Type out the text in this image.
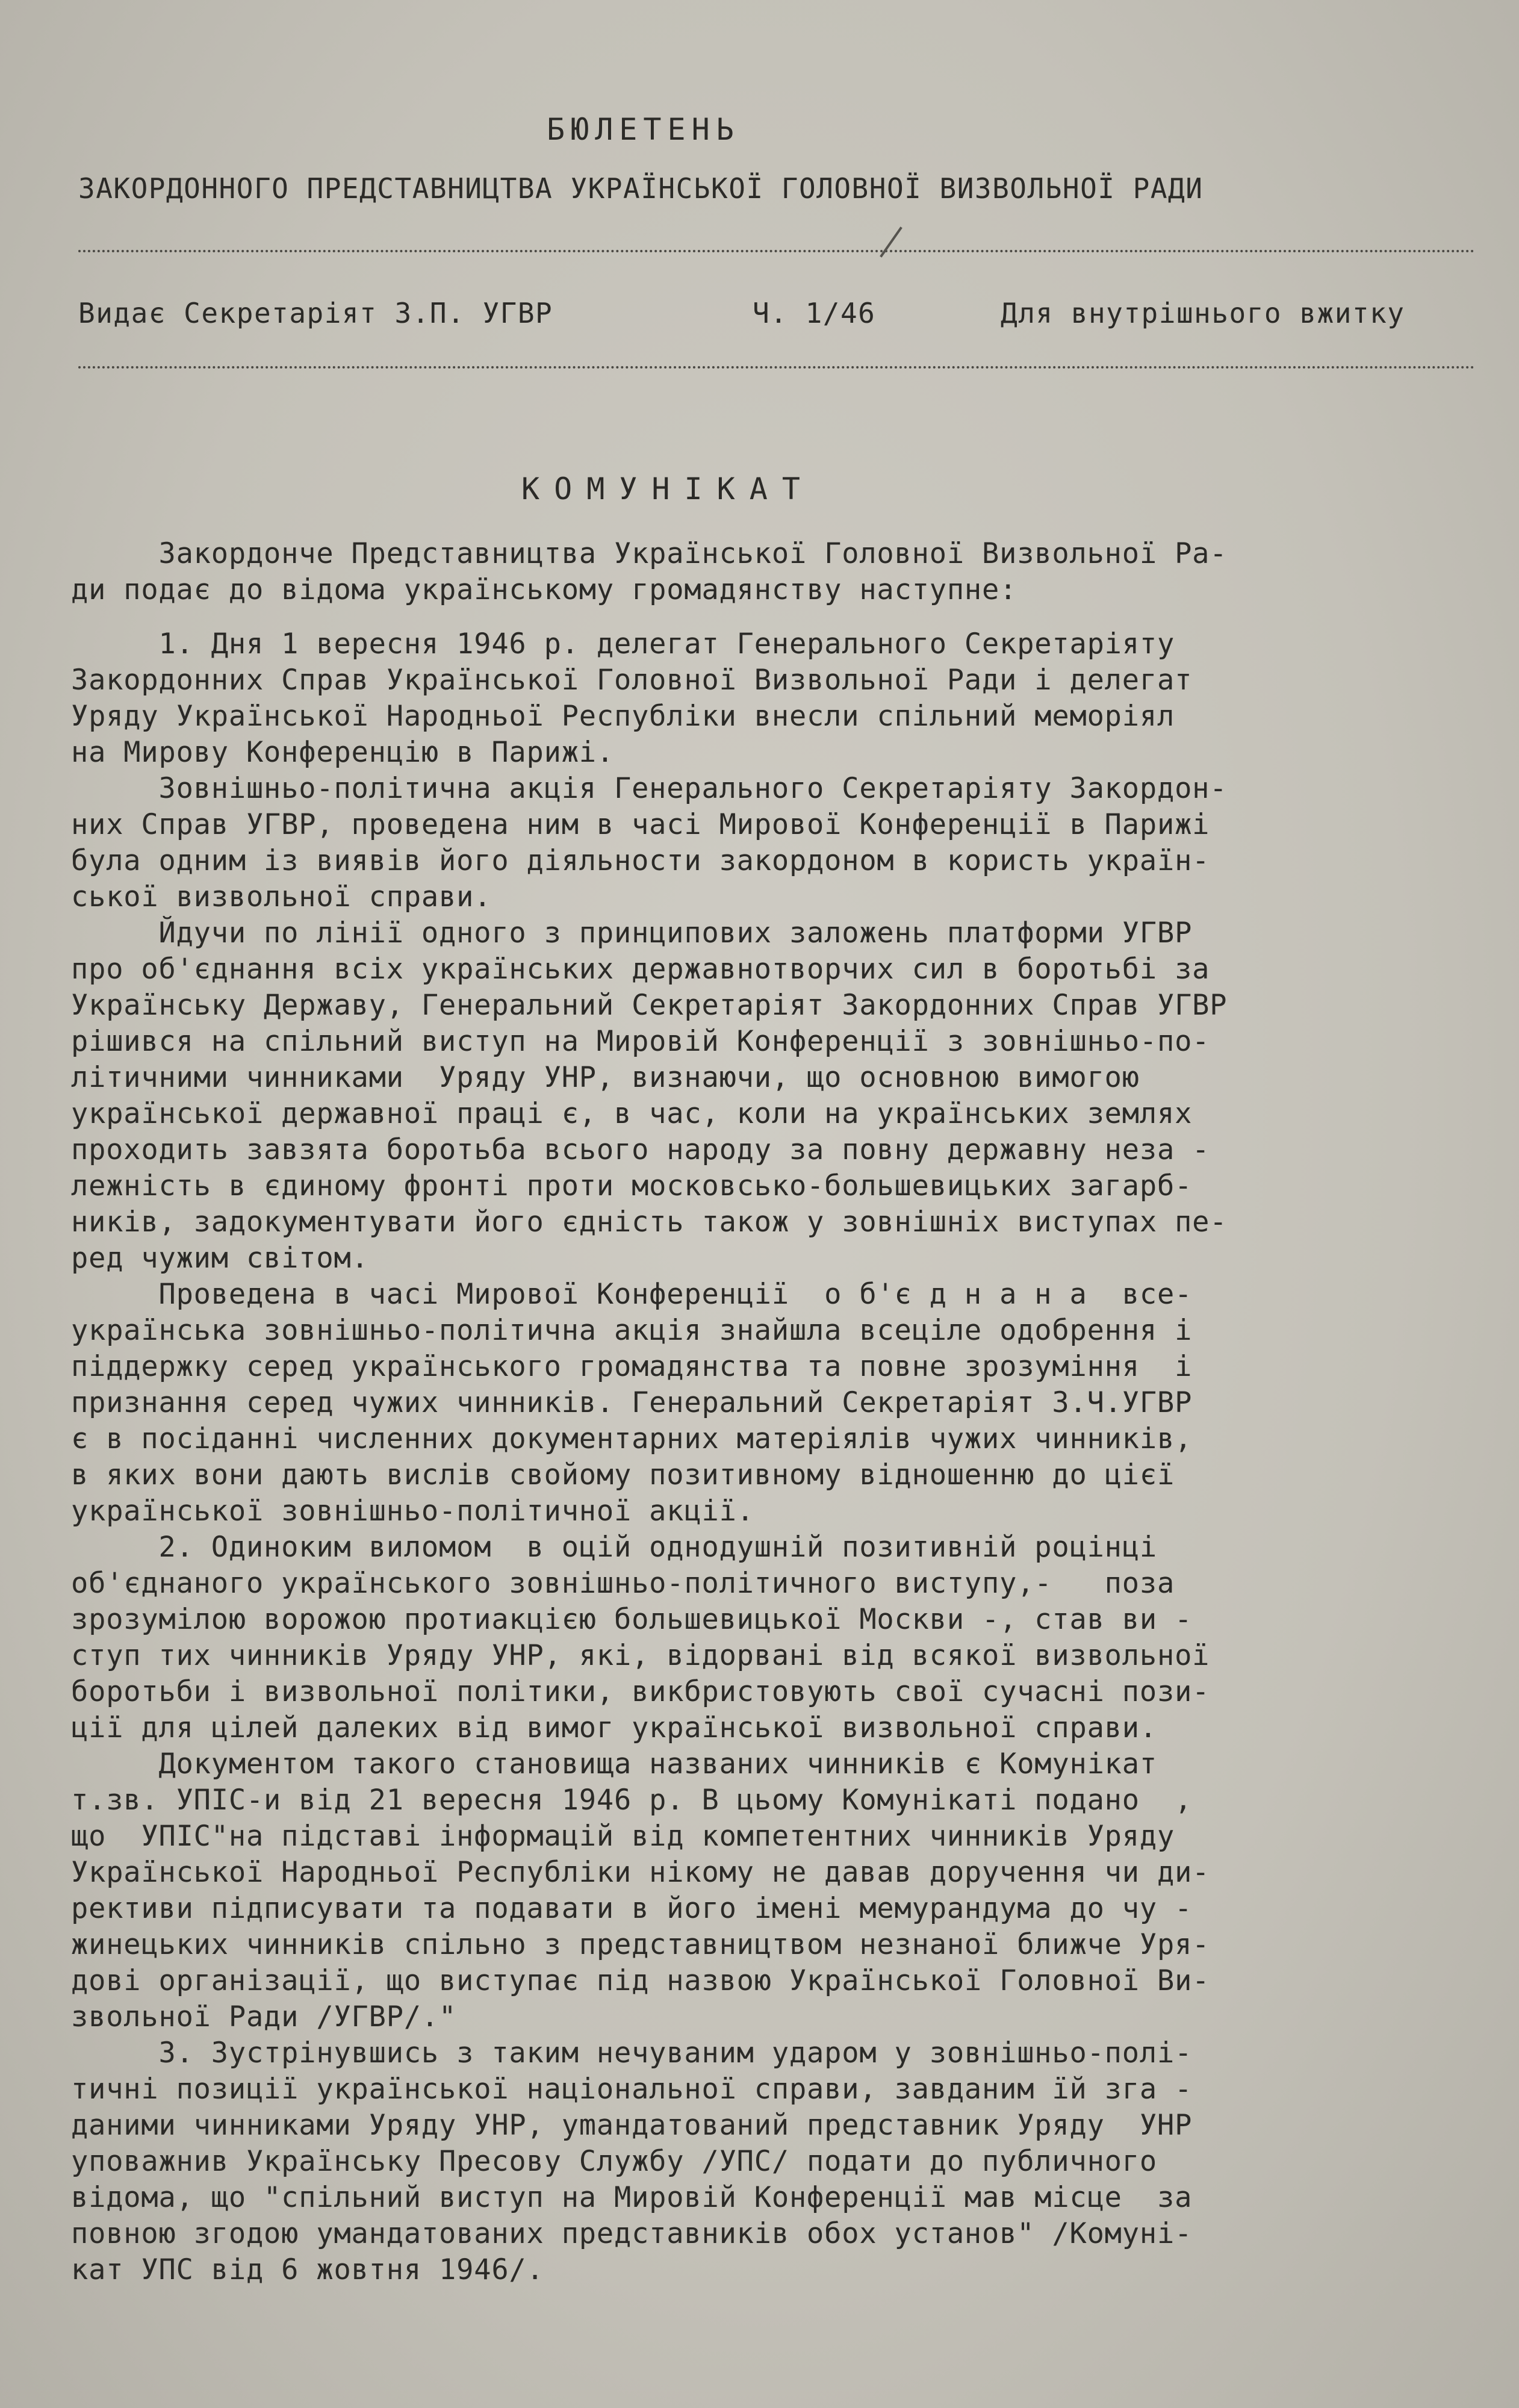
БЮЛЕТЕНЬ
ЗАКОРДОННОГО ПРЕДСТАВНИЦТВА УКРАЇНСЬКОЇ ГОЛОВНОЇ ВИЗВОЛЬНОЇ РАДИ
Видає Секретаріят З.П. УГВР	Ч. 1/46	Для внутрішнього вжитку
КОМУНІКАТ
Закордонче Представництва Української Головної Визвольної Ра-
ди подає до відома українському громадянству наступне:
1. Дня 1 вересня 1946 р. делегат Генерального Секретаріяту
Закордонних Справ Української Головної Визвольної Ради і делегат
Уряду Української Народньої Республіки внесли спільний меморіял
на Мирову Конференцію в Парижі.
Зовнішньо-політична акція Генерального Секретаріяту Закордон-
них Справ УГВР, проведена ним в часі Мирової Конференції в Парижі
була одним із виявів його діяльности закордоном в користь україн-
ської визвольної справи.
Йдучи по лінії одного з принципових заложень платформи УГВР
про об'єднання всіх українських державнотворчих сил в боротьбі за
Українську Державу, Генеральний Секретаріят Закордонних Справ УГВР
рішився на спільний виступ на Мировій Конференції з зовнішньо-по-
літичними чинниками  Уряду УНР, визнаючи, що основною вимогою
української державної праці є, в час, коли на українських землях
проходить завзята боротьба всього народу за повну державну неза -
лежність в єдиному фронті проти московсько-большевицьких загарб-
ників, задокументувати його єдність також у зовнішніх виступах пе-
ред чужим світом.
Проведена в часі Мирової Конференції  о б'є д н а н а  все-
українська зовнішньо-політична акція знайшла всеціле одобрення і
піддержку серед українського громадянства та повне зрозуміння  і
признання серед чужих чинників. Генеральний Секретаріят З.Ч.УГВР
є в посіданні численних документарних матеріялів чужих чинників,
в яких вони дають вислів свойому позитивному відношенню до цієї
української зовнішньо-політичної акції.
2. Одиноким виломом  в оцій однодушній позитивній роцінці
об'єднаного українського зовнішньо-політичного виступу,-   поза
зрозумілою ворожою протиакцією большевицької Москви -, став ви -
ступ тих чинників Уряду УНР, які, відорвані від всякої визвольної
боротьби і визвольної політики, викбристовують свої сучасні пози-
ції для цілей далеких від вимог української визвольної справи.
Документом такого становища названих чинників є Комунікат
т.зв. УПІС-и від 21 вересня 1946 р. В цьому Комунікаті подано  ,
що  УПІС"на підставі інформацій від компетентних чинників Уряду
Української Народньої Республіки нікому не давав доручення чи ди-
рективи підписувати та подавати в його імені мемурандума до чу -
жинецьких чинників спільно з представництвом незнаної ближче Уря-
дові організації, що виступає під назвою Української Головної Ви-
звольної Ради /УГВР/."
3. Зустрінувшись з таким нечуваним ударом у зовнішньо-полі-
тичні позиції української національної справи, завданим їй зга -
даними чинниками Уряду УНР, уmандатований представник Уряду  УНР
уповажнив Українську Пресову Службу /УПС/ подати до публичного
відома, що "спільний виступ на Мировій Конференції мав місце  за
повною згодою умандатованих представників обох установ" /Комуні-
кат УПС від 6 жовтня 1946/.
